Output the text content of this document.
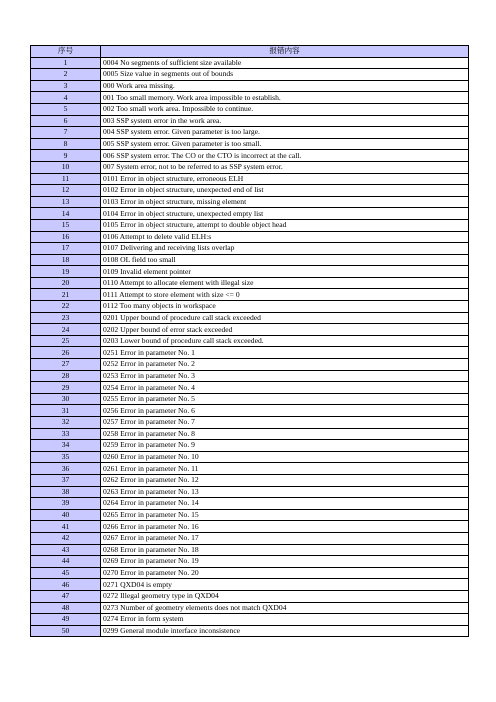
序号	报错内容
1	0004 No segments of sufficient size available
2	0005 Size value in segments out of bounds
3	000 Work area missing.
4	001 Too small memory. Work area impossible to establish.
5	002 Too small work area. Impossible to continue.
6	003 SSP system error in the work area.
7	004 SSP system error. Given parameter is too large.
8	005 SSP system error. Given parameter is too small.
9	006 SSP system error. The CO or the CTO is incorrect at the call.
10	007 System error, not to be referred to as SSP system error.
11	0101 Error in object structure, erroneous ELH
12	0102 Error in object structure, unexpected end of list
13	0103 Error in object structure, missing element
14	0104 Error in object structure, unexpected empty list
15	0105 Error in object structure, attempt to double object head
16	0106 Attempt to delete valid ELH:s
17	0107 Delivering and receiving lists overlap
18	0108 OL field too small
19	0109 Invalid element pointer
20	0110 Attempt to allocate element with illegal size
21	0111 Attempt to store element with size <= 0
22	0112 Too many objects in workspace
23	0201 Upper bound of procedure call stack exceeded
24	0202 Upper bound of error stack exceeded
25	0203 Lower bound of procedure call stack exceeded.
26	0251 Error in parameter No. 1
27	0252 Error in parameter No. 2
28	0253 Error in parameter No. 3
29	0254 Error in parameter No. 4
30	0255 Error in parameter No. 5
31	0256 Error in parameter No. 6
32	0257 Error in parameter No. 7
33	0258 Error in parameter No. 8
34	0259 Error in parameter No. 9
35	0260 Error in parameter No. 10
36	0261 Error in parameter No. 11
37	0262 Error in parameter No. 12
38	0263 Error in parameter No. 13
39	0264 Error in parameter No. 14
40	0265 Error in parameter No. 15
41	0266 Error in parameter No. 16
42	0267 Error in parameter No. 17
43	0268 Error in parameter No. 18
44	0269 Error in parameter No. 19
45	0270 Error in parameter No. 20
46	0271 QXD04 is empty
47	0272 Illegal geometry type in QXD04
48	0273 Number of geometry elements does not match QXD04
49	0274 Error in form system
50	0299 General module interface inconsistence
